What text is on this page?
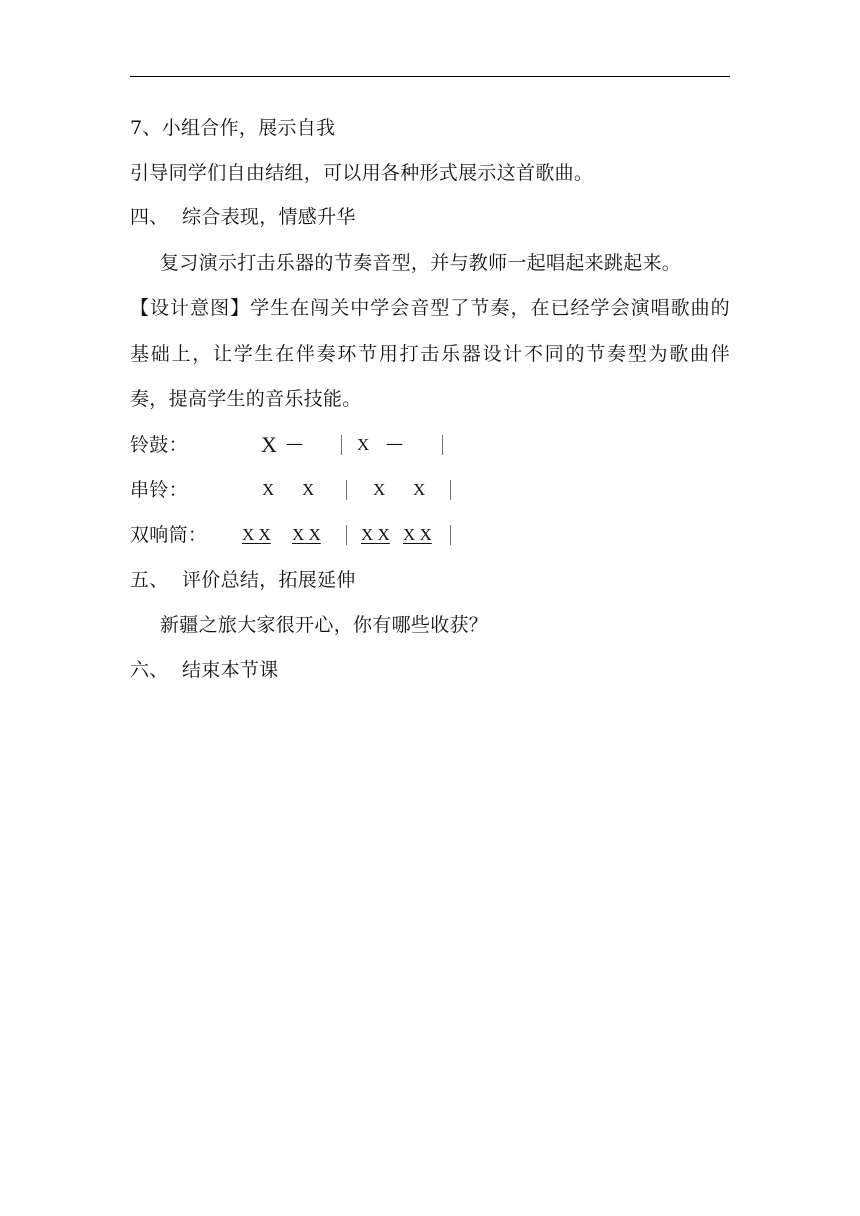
7、小组合作，展示自我
引导同学们自由结组，可以用各种形式展示这首歌曲。
四、 综合表现，情感升华
复习演示打击乐器的节奏音型，并与教师一起唱起来跳起来。
【设计意图】学生在闯关中学会音型了节奏，在已经学会演唱歌曲的
基础上，让学生在伴奏环节用打击乐器设计不同的节奏型为歌曲伴
奏，提高学生的音乐技能。
铃鼓：	X —	X —
串铃：	X X	X X
双响筒：	X X X X	X X X X
五、 评价总结，拓展延伸
新疆之旅大家很开心，你有哪些收获？
六、 结束本节课
